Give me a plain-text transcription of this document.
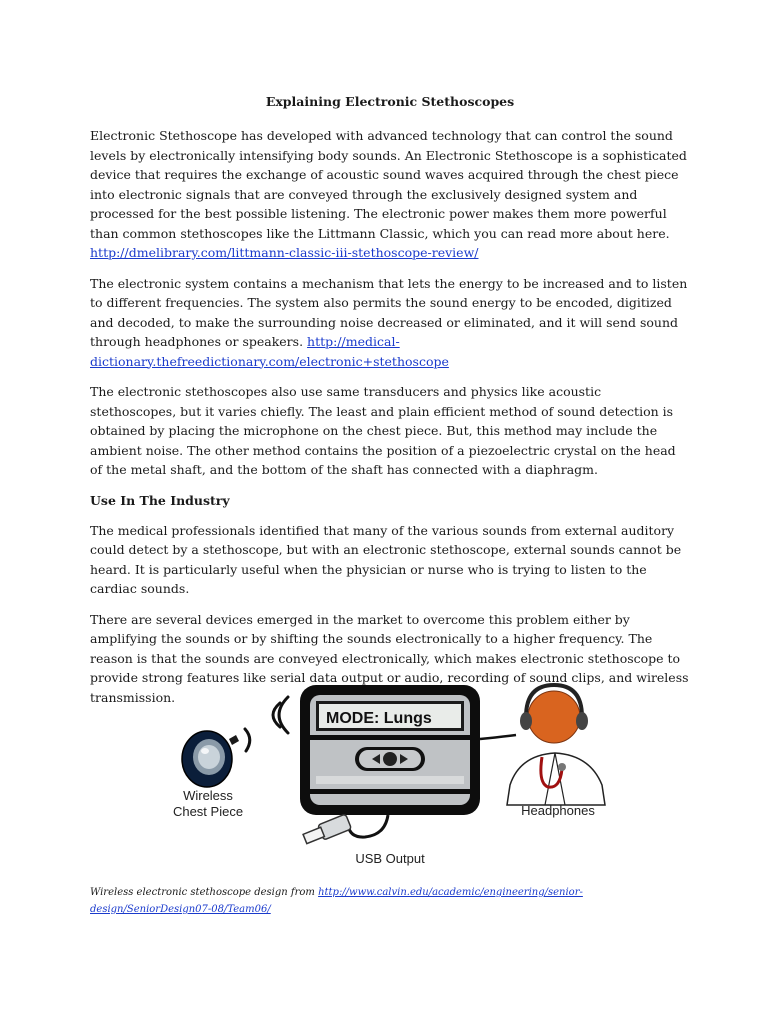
Explaining Electronic Stethoscopes

Electronic Stethoscope has developed with advanced technology that can control the sound levels by electronically intensifying body sounds. An Electronic Stethoscope is a sophisticated device that requires the exchange of acoustic sound waves acquired through the chest piece into electronic signals that are conveyed through the exclusively designed system and processed for the best possible listening. The electronic power makes them more powerful than common stethoscopes like the Littmann Classic, which you can read more about here. http://dmelibrary.com/littmann-classic-iii-stethoscope-review/

The electronic system contains a mechanism that lets the energy to be increased and to listen to different frequencies. The system also permits the sound energy to be encoded, digitized and decoded, to make the surrounding noise decreased or eliminated, and it will send sound through headphones or speakers. http://medical-dictionary.thefreedictionary.com/electronic+stethoscope

The electronic stethoscopes also use same transducers and physics like acoustic stethoscopes, but it varies chiefly. The least and plain efficient method of sound detection is obtained by placing the microphone on the chest piece. But, this method may include the ambient noise. The other method contains the position of a piezoelectric crystal on the head of the metal shaft, and the bottom of the shaft has connected with a diaphragm.

Use In The Industry

The medical professionals identified that many of the various sounds from external auditory could detect by a stethoscope, but with an electronic stethoscope, external sounds cannot be heard. It is particularly useful when the physician or nurse who is trying to listen to the cardiac sounds.

There are several devices emerged in the market to overcome this problem either by amplifying the sounds or by shifting the sounds electronically to a higher frequency. The reason is that the sounds are conveyed electronically, which makes electronic stethoscope to provide strong features like serial data output or audio, recording of sound clips, and wireless transmission.

MODE: Lungs
Wireless
Chest Piece	Headphones
USB Output

Wireless electronic stethoscope design from http://www.calvin.edu/academic/engineering/senior-design/SeniorDesign07-08/Team06/
